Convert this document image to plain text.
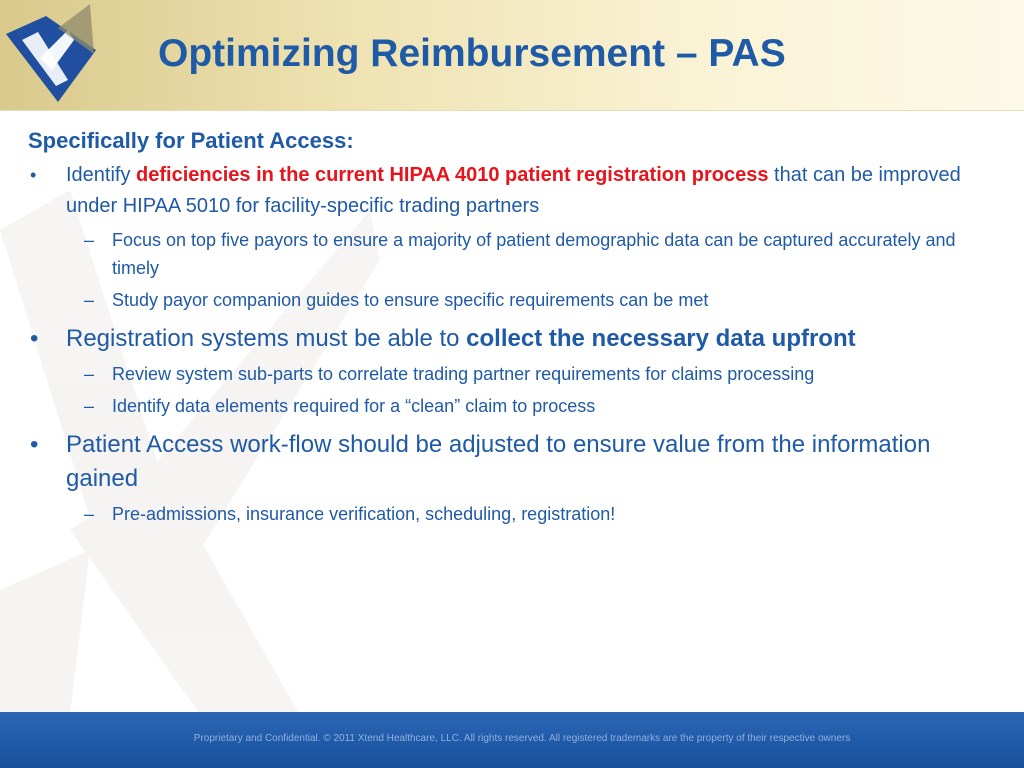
Optimizing Reimbursement – PAS
Specifically for Patient Access:
• Identify deficiencies in the current HIPAA 4010 patient registration process that can be improved under HIPAA 5010 for facility-specific trading partners
– Focus on top five payors to ensure a majority of patient demographic data can be captured accurately and timely
– Study payor companion guides to ensure specific requirements can be met
• Registration systems must be able to collect the necessary data upfront
– Review system sub-parts to correlate trading partner requirements for claims processing
– Identify data elements required for a “clean” claim to process
• Patient Access work-flow should be adjusted to ensure value from the information gained
– Pre-admissions, insurance verification, scheduling, registration!
Proprietary and Confidential. © 2011 Xtend Healthcare, LLC. All rights reserved. All registered trademarks are the property of their respective owners
